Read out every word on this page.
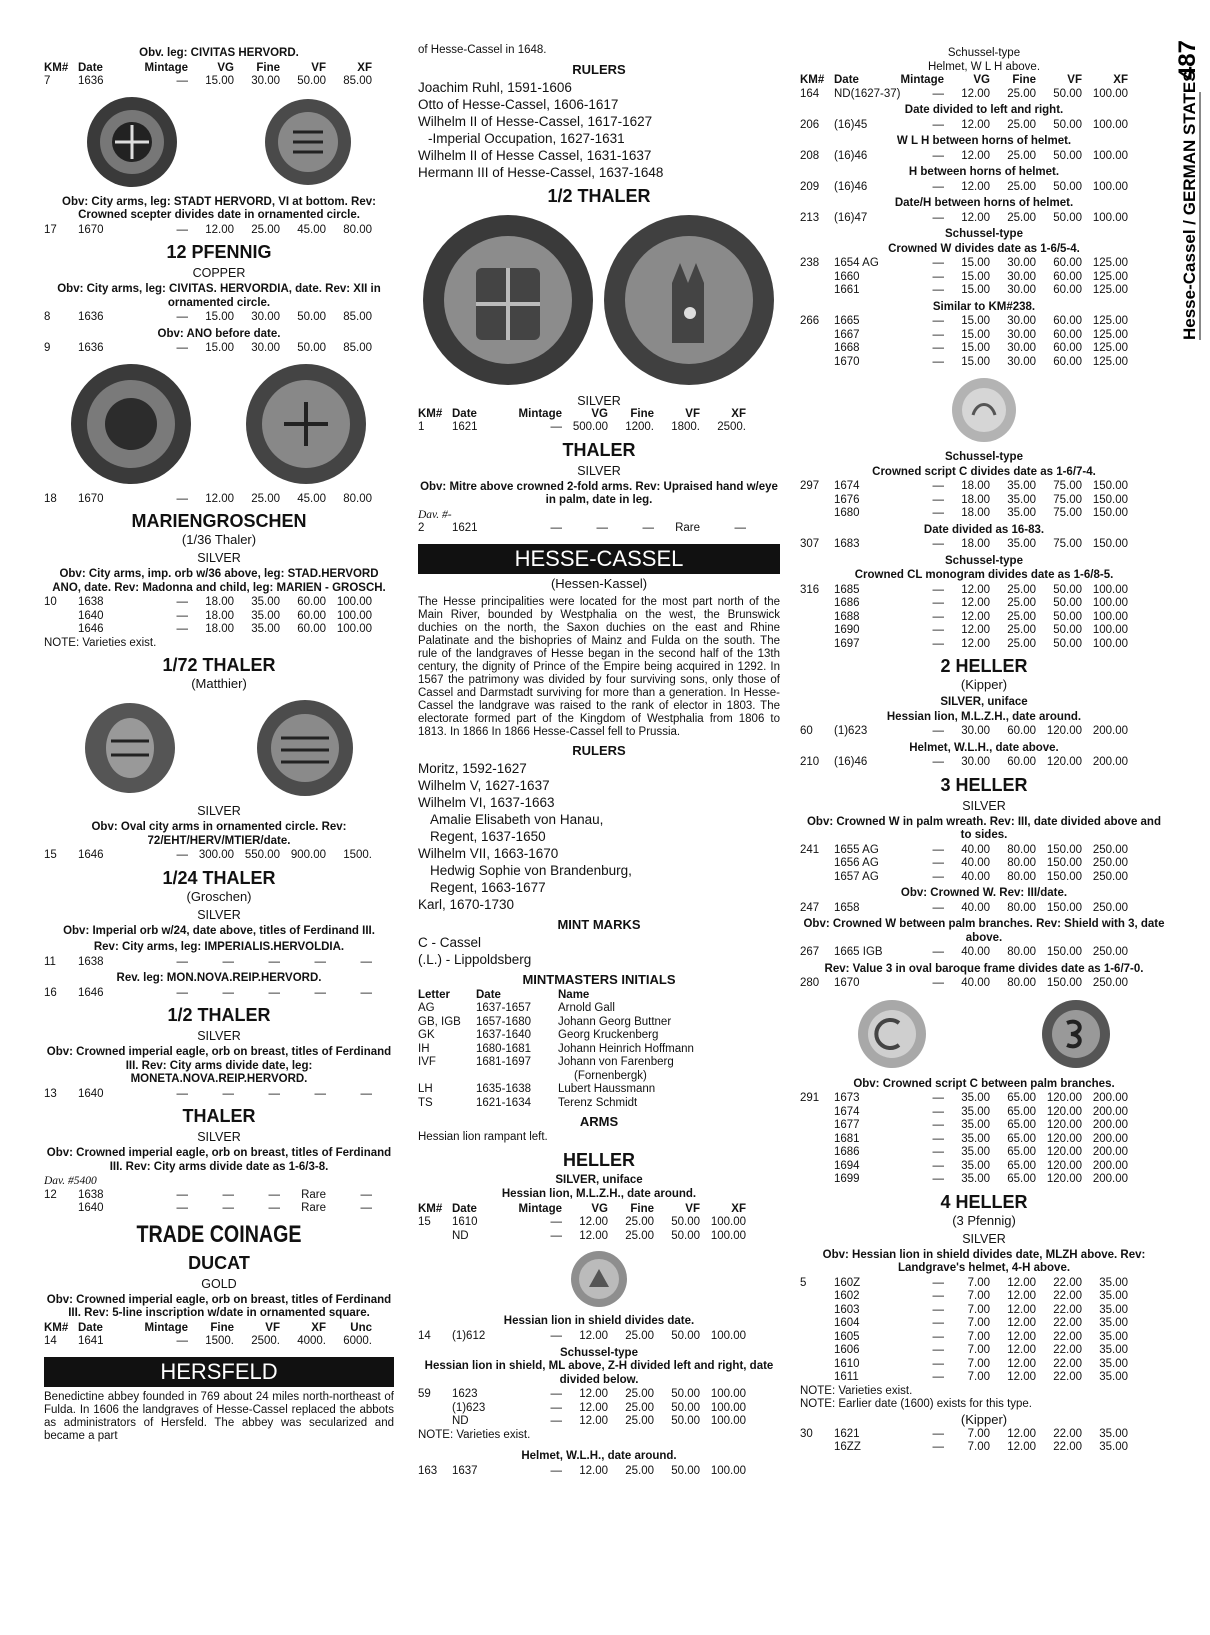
Obv. leg: CIVITAS HERVORD.
KM# Date	Mintage	VG	Fine	VF	XF
7	1636	—	15.00	30.00	50.00	85.00
Obv: City arms, leg: STADT HERVORD, VI at bottom. Rev: Crowned scepter divides date in ornamented circle.
17	1670	—	12.00	25.00	45.00	80.00
12 PFENNIG
COPPER
Obv: City arms, leg: CIVITAS. HERVORDIA, date. Rev: XII in ornamented circle.
8	1636	—	15.00	30.00	50.00	85.00
Obv: ANO before date.
9	1636	—	15.00	30.00	50.00	85.00
18	1670	—	12.00	25.00	45.00	80.00
MARIENGROSCHEN
(1/36 Thaler)
SILVER
Obv: City arms, imp. orb w/36 above, leg: STAD.HERVORD ANO, date. Rev: Madonna and child, leg: MARIEN - GROSCH.
10	1638	—	18.00	35.00	60.00 100.00
1640	—	18.00	35.00	60.00 100.00
1646	—	18.00	35.00	60.00 100.00
NOTE: Varieties exist.
1/72 THALER
(Matthier)
SILVER
Obv: Oval city arms in ornamented circle. Rev: 72/EHT/HERV/MTIER/date.
15	1646	— 300.00 550.00 900.00	1500.
1/24 THALER
(Groschen)
SILVER
Obv: Imperial orb w/24, date above, titles of Ferdinand III.
Rev: City arms, leg: IMPERIALIS.HERVOLDIA.
11	1638	—	—	—	—	—
Rev. leg: MON.NOVA.REIP.HERVORD.
16	1646	—	—	—	—	—
1/2 THALER
SILVER
Obv: Crowned imperial eagle, orb on breast, titles of Ferdinand III. Rev: City arms divide date, leg: MONETA.NOVA.REIP.HERVORD.
13	1640	—	—	—	—	—
THALER
SILVER
Obv: Crowned imperial eagle, orb on breast, titles of Ferdinand III. Rev: City arms divide date as 1-6/3-8.
Dav. #5400
12	1638	—	—	—	Rare	—
1640	—	—	—	Rare	—
TRADE COINAGE
DUCAT
GOLD
Obv: Crowned imperial eagle, orb on breast, titles of Ferdinand III. Rev: 5-line inscription w/date in ornamented square.
KM# Date	Mintage	Fine	VF	XF	Unc
14	1641	—	1500.	2500.	4000.	6000.
HERSFELD
Benedictine abbey founded in 769 about 24 miles north-northeast of Fulda. In 1606 the landgraves of Hesse-Cassel replaced the abbots as administrators of Hersfeld. The abbey was secularized and became a part
of Hesse-Cassel in 1648.
RULERS
Joachim Ruhl, 1591-1606
Otto of Hesse-Cassel, 1606-1617
Wilhelm II of Hesse-Cassel, 1617-1627
-Imperial Occupation, 1627-1631
Wilhelm II of Hesse Cassel, 1631-1637
Hermann III of Hesse-Cassel, 1637-1648
1/2 THALER
SILVER
KM# Date	Mintage	VG	Fine	VF	XF
1	1621	— 500.00	1200.	1800.	2500.
THALER
SILVER
Obv: Mitre above crowned 2-fold arms. Rev: Upraised hand w/eye in palm, date in leg.
Dav. #-
2	1621	—	—	—	Rare	—
HESSE-CASSEL
(Hessen-Kassel)
The Hesse principalities were located for the most part north of the Main River, bounded by Westphalia on the west, the Brunswick duchies on the north, the Saxon duchies on the east and Rhine Palatinate and the bishopries of Mainz and Fulda on the south. The rule of the landgraves of Hesse began in the second half of the 13th century, the dignity of Prince of the Empire being acquired in 1292. In 1567 the patrimony was divided by four surviving sons, only those of Cassel and Darmstadt surviving for more than a generation. In Hesse-Cassel the landgrave was raised to the rank of elector in 1803. The electorate formed part of the Kingdom of Westphalia from 1806 to 1813. In 1866 In 1866 Hesse-Cassel fell to Prussia.
RULERS
Moritz, 1592-1627
Wilhelm V, 1627-1637
Wilhelm VI, 1637-1663
Amalie Elisabeth von Hanau,
Regent, 1637-1650
Wilhelm VII, 1663-1670
Hedwig Sophie von Brandenburg,
Regent, 1663-1677
Karl, 1670-1730
MINT MARKS
C - Cassel
(.L.) - Lippoldsberg
MINTMASTERS INITIALS
Letter	Date	Name
AG	1637-1657	Arnold Gall
GB, IGB	1657-1680	Johann Georg Buttner
GK	1637-1640	Georg Kruckenberg
IH	1680-1681	Johann Heinrich Hoffmann
IVF	1681-1697	Johann von Farenberg
(Fornenbergk)
LH	1635-1638	Lubert Haussmann
TS	1621-1634	Terenz Schmidt
ARMS
Hessian lion rampant left.
HELLER
SILVER, uniface
Hessian lion, M.L.Z.H., date around.
KM# Date	Mintage	VG	Fine	VF	XF
15	1610	—	12.00	25.00	50.00 100.00
ND	—	12.00	25.00	50.00 100.00
Hessian lion in shield divides date.
14	(1)612	—	12.00	25.00	50.00 100.00
Schussel-type
Hessian lion in shield, ML above, Z-H divided left and right, date divided below.
59	1623	—	12.00	25.00	50.00 100.00
(1)623	—	12.00	25.00	50.00 100.00
ND	—	12.00	25.00	50.00 100.00
NOTE: Varieties exist.
Helmet, W.L.H., date around.
163	1637	—	12.00	25.00	50.00 100.00
Schussel-type
Helmet, W L H above.
KM# Date	Mintage	VG	Fine	VF	XF
164	ND(1627-37)	—	12.00	25.00	50.00 100.00
Date divided to left and right.
206	(16)45	—	12.00	25.00	50.00 100.00
W L H between horns of helmet.
208	(16)46	—	12.00	25.00	50.00 100.00
H between horns of helmet.
209	(16)46	—	12.00	25.00	50.00 100.00
Date/H between horns of helmet.
213	(16)47	—	12.00	25.00	50.00 100.00
Schussel-type
Crowned W divides date as 1-6/5-4.
238	1654 AG	—	15.00	30.00	60.00 125.00
1660	—	15.00	30.00	60.00 125.00
1661	—	15.00	30.00	60.00 125.00
Similar to KM#238.
266	1665	—	15.00	30.00	60.00 125.00
1667	—	15.00	30.00	60.00 125.00
1668	—	15.00	30.00	60.00 125.00
1670	—	15.00	30.00	60.00 125.00
Schussel-type
Crowned script C divides date as 1-6/7-4.
297	1674	—	18.00	35.00	75.00 150.00
1676	—	18.00	35.00	75.00 150.00
1680	—	18.00	35.00	75.00 150.00
Date divided as 16-83.
307	1683	—	18.00	35.00	75.00 150.00
Schussel-type
Crowned CL monogram divides date as 1-6/8-5.
316	1685	—	12.00	25.00	50.00 100.00
1686	—	12.00	25.00	50.00 100.00
1688	—	12.00	25.00	50.00 100.00
1690	—	12.00	25.00	50.00 100.00
1697	—	12.00	25.00	50.00 100.00
2 HELLER
(Kipper)
SILVER, uniface
Hessian lion, M.L.Z.H., date around.
60	(1)623	—	30.00	60.00 120.00 200.00
Helmet, W.L.H., date above.
210	(16)46	—	30.00	60.00 120.00 200.00
3 HELLER
SILVER
Obv: Crowned W in palm wreath. Rev: III, date divided above and to sides.
241	1655 AG	—	40.00	80.00 150.00 250.00
1656 AG	—	40.00	80.00 150.00 250.00
1657 AG	—	40.00	80.00 150.00 250.00
Obv: Crowned W. Rev: III/date.
247	1658	—	40.00	80.00 150.00 250.00
Obv: Crowned W between palm branches. Rev: Shield with 3, date above.
267	1665 IGB	—	40.00	80.00 150.00 250.00
Rev: Value 3 in oval baroque frame divides date as 1-6/7-0.
280	1670	—	40.00	80.00 150.00 250.00
Obv: Crowned script C between palm branches.
291	1673	—	35.00	65.00 120.00 200.00
1674	—	35.00	65.00 120.00 200.00
1677	—	35.00	65.00 120.00 200.00
1681	—	35.00	65.00 120.00 200.00
1686	—	35.00	65.00 120.00 200.00
1694	—	35.00	65.00 120.00 200.00
1699	—	35.00	65.00 120.00 200.00
4 HELLER
(3 Pfennig)
SILVER
Obv: Hessian lion in shield divides date, MLZH above. Rev: Landgrave's helmet, 4-H above.
5	160Z	—	7.00	12.00	22.00	35.00
1602	—	7.00	12.00	22.00	35.00
1603	—	7.00	12.00	22.00	35.00
1604	—	7.00	12.00	22.00	35.00
1605	—	7.00	12.00	22.00	35.00
1606	—	7.00	12.00	22.00	35.00
1610	—	7.00	12.00	22.00	35.00
1611	—	7.00	12.00	22.00	35.00
NOTE: Varieties exist.
NOTE: Earlier date (1600) exists for this type.
(Kipper)
30	1621	—	7.00	12.00	22.00	35.00
16ZZ	—	7.00	12.00	22.00	35.00
487
Hesse-Cassel / GERMAN STATES
